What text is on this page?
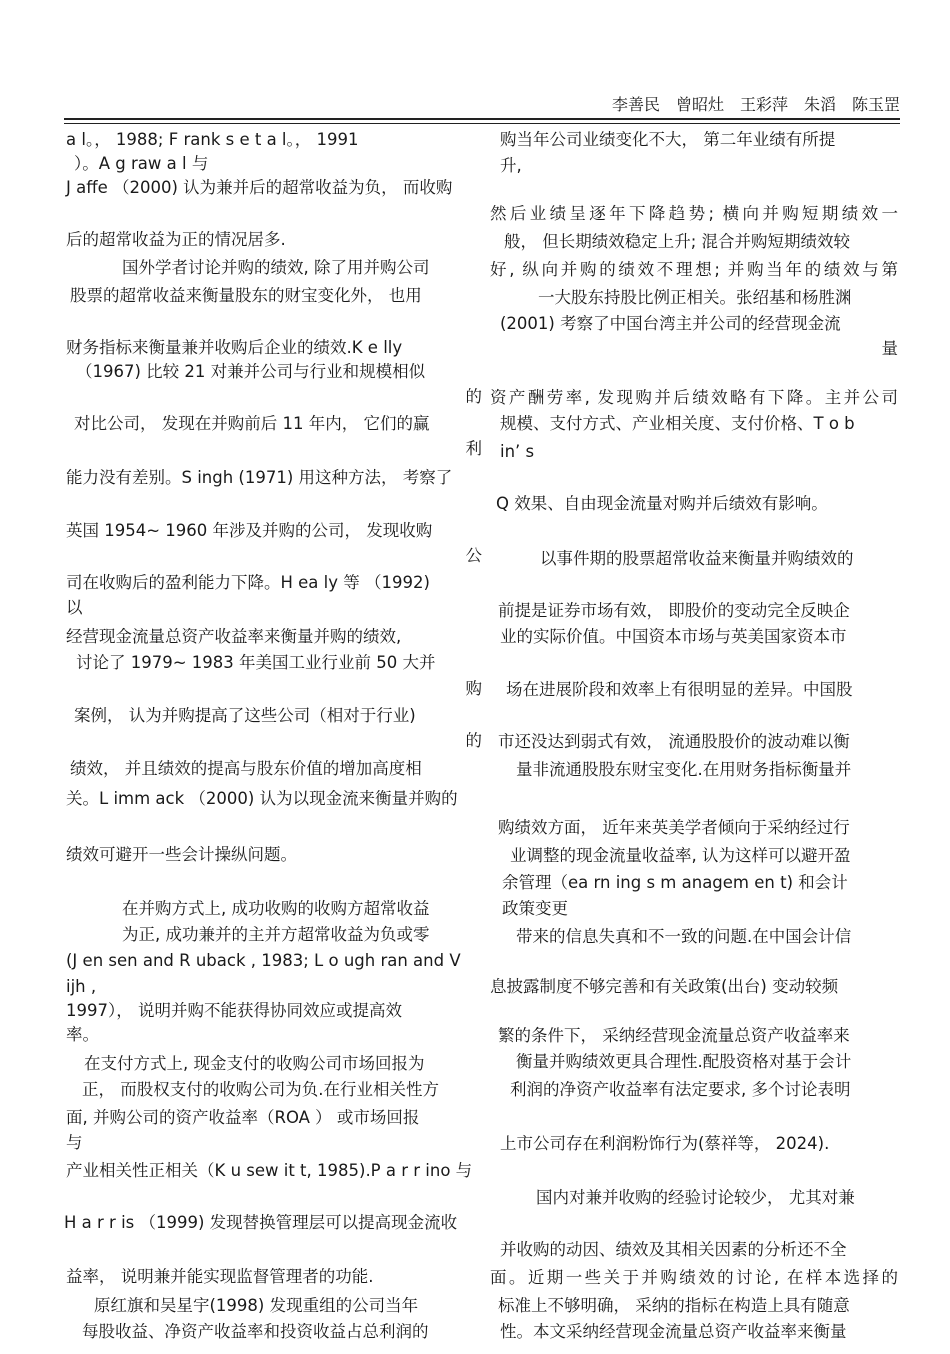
李善民　曾昭灶　王彩萍　朱滔　陈玉罡
a l。， 1988; F rank s e t a l。， 1991
）。A g raw a l 与
J affe （2000) 认为兼并后的超常收益为负， 而收购
后的超常收益为正的情况居多.
国外学者讨论并购的绩效, 除了用并购公司
股票的超常收益来衡量股东的财宝变化外， 也用
财务指标来衡量兼并收购后企业的绩效.K e lly
（1967) 比较 21 对兼并公司与行业和规模相似
的
对比公司， 发现在并购前后 11 年内， 它们的赢
利
能力没有差别。S ingh (1971) 用这种方法， 考察了
英国 1954~ 1960 年涉及并购的公司， 发现收购
公
司在收购后的盈利能力下降。H ea ly 等 （1992)
以
经营现金流量总资产收益率来衡量并购的绩效,
讨论了 1979~ 1983 年美国工业行业前 50 大并
购
案例， 认为并购提高了这些公司（相对于行业)
的
绩效， 并且绩效的提高与股东价值的增加高度相
关。L imm ack （2000) 认为以现金流来衡量并购的
绩效可避开一些会计操纵问题。
在并购方式上, 成功收购的收购方超常收益
为正, 成功兼并的主并方超常收益为负或零
(J en sen and R uback , 1983; L o ugh ran and V ijh ,
1997）， 说明并购不能获得协同效应或提高效
率。
在支付方式上, 现金支付的收购公司市场回报为
正， 而股权支付的收购公司为负.在行业相关性方
面, 并购公司的资产收益率（ROA ） 或市场回报
与
产业相关性正相关（K u sew it t, 1985).P a r r ino 与
H a r r is （1999) 发现替换管理层可以提高现金流收
益率， 说明兼并能实现监督管理者的功能.
原红旗和吴星宇(1998) 发现重组的公司当年
每股收益、净资产收益率和投资收益占总利润的
购当年公司业绩变化不大， 第二年业绩有所提
升,
然后业绩呈逐年下降趋势; 横向并购短期绩效一
般， 但长期绩效稳定上升; 混合并购短期绩效较
好, 纵向并购的绩效不理想; 并购当年的绩效与第
一大股东持股比例正相关。张绍基和杨胜渊
(2001) 考察了中国台湾主并公司的经营现金流
量
资产酬劳率, 发现购并后绩效略有下降。主并公司
规模、支付方式、产业相关度、支付价格、T o b
in’ s
Q 效果、自由现金流量对购并后绩效有影响。
以事件期的股票超常收益来衡量并购绩效的
前提是证券市场有效， 即股价的变动完全反映企
业的实际价值。中国资本市场与英美国家资本市
场在进展阶段和效率上有很明显的差异。中国股
市还没达到弱式有效， 流通股股价的波动难以衡
量非流通股股东财宝变化.在用财务指标衡量并
购绩效方面， 近年来英美学者倾向于采纳经过行
业调整的现金流量收益率, 认为这样可以避开盈
余管理（ea rn ing s m anagem en t) 和会计
政策变更
带来的信息失真和不一致的问题.在中国会计信
息披露制度不够完善和有关政策(出台) 变动较频
繁的条件下， 采纳经营现金流量总资产收益率来
衡量并购绩效更具合理性.配股资格对基于会计
利润的净资产收益率有法定要求, 多个讨论表明
上市公司存在利润粉饰行为(蔡祥等， 2024).
国内对兼并收购的经验讨论较少， 尤其对兼
并收购的动因、绩效及其相关因素的分析还不全
面。近期一些关于并购绩效的讨论, 在样本选择的
标准上不够明确， 采纳的指标在构造上具有随意
性。本文采纳经营现金流量总资产收益率来衡量
